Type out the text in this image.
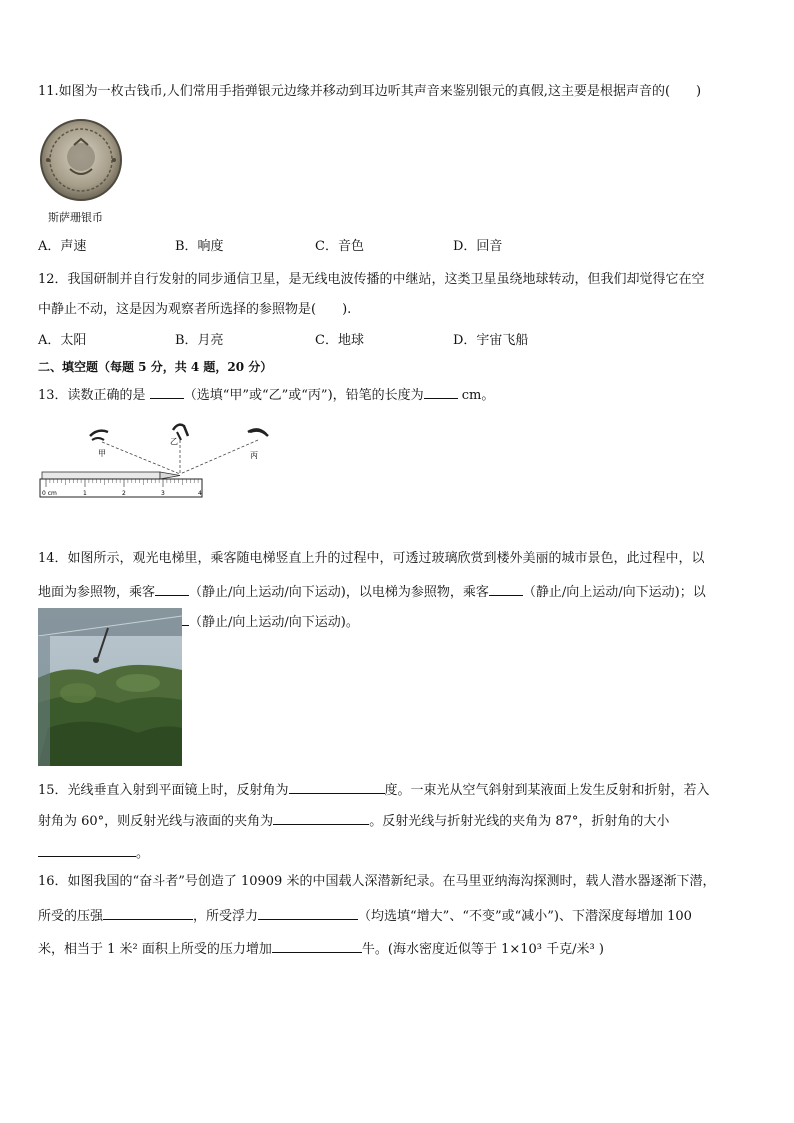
11.如图为一枚古钱币,人们常用手指弹银元边缘并移动到耳边听其声音来鉴别银元的真假,这主要是根据声音的(　　)
斯萨珊银币
A．声速	B．响度	C．音色	D．回音
12．我国研制并自行发射的同步通信卫星，是无线电波传播的中继站，这类卫星虽绕地球转动，但我们却觉得它在空
中静止不动，这是因为观察者所选择的参照物是(　　).
A．太阳	B．月亮	C．地球	D．宇宙飞船
二、填空题（每题 5 分，共 4 题，20 分）
13．读数正确的是	（选填“甲”或“乙”或“丙”)，铅笔的长度为	cm。
甲
乙
丙
0 cm	1	2	3	4
14．如图所示，观光电梯里，乘客随电梯竖直上升的过程中，可透过玻璃欣赏到楼外美丽的城市景色，此过程中，以
地面为参照物，乘客	（静止/向上运动/向下运动)，以电梯为参照物，乘客	（静止/向上运动/向下运动)；以
（静止/向上运动/向下运动)。
15．光线垂直入射到平面镜上时，反射角为	度。一束光从空气斜射到某液面上发生反射和折射，若入
射角为 60°，则反射光线与液面的夹角为	。反射光线与折射光线的夹角为 87°，折射角的大小
。
16．如图我国的“奋斗者”号创造了 10909 米的中国载人深潜新纪录。在马里亚纳海沟探测时，载人潜水器逐渐下潜，
所受的压强	，所受浮力	（均选填“增大”、“不变”或“减小”)、下潜深度每增加 100
米，相当于 1 米² 面积上所受的压力增加	牛。(海水密度近似等于 1×10³ 千克/米³ )
